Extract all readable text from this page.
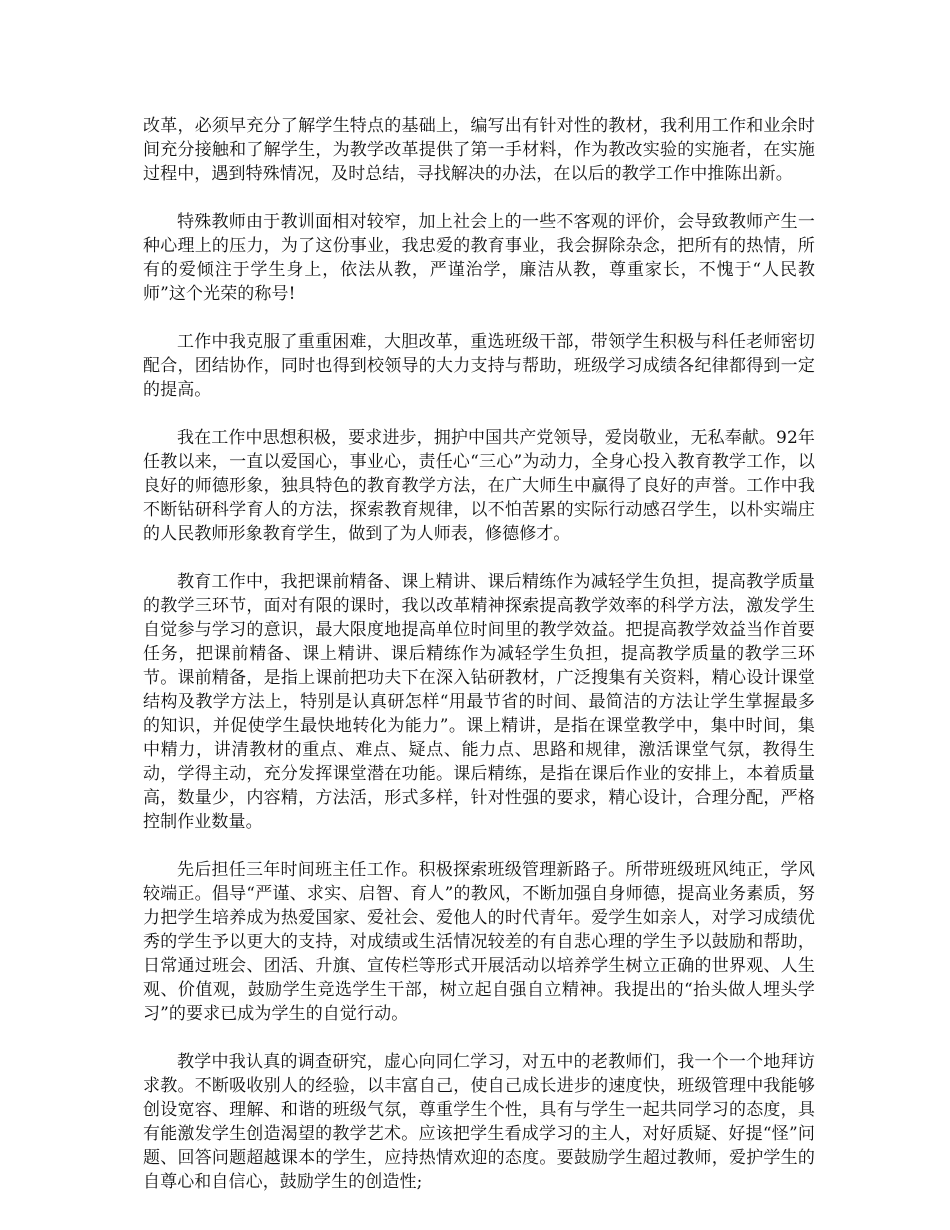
改革，必须早充分了解学生特点的基础上，编写出有针对性的教材，我利用工作和业余时间充分接触和了解学生，为教学改革提供了第一手材料，作为教改实验的实施者，在实施过程中，遇到特殊情况，及时总结，寻找解决的办法，在以后的教学工作中推陈出新。

特殊教师由于教训面相对较窄，加上社会上的一些不客观的评价，会导致教师产生一种心理上的压力，为了这份事业，我忠爱的教育事业，我会摒除杂念，把所有的热情，所有的爱倾注于学生身上，依法从教，严谨治学，廉洁从教，尊重家长，不愧于“人民教师”这个光荣的称号!

工作中我克服了重重困难，大胆改革，重选班级干部，带领学生积极与科任老师密切配合，团结协作，同时也得到校领导的大力支持与帮助，班级学习成绩各纪律都得到一定的提高。

我在工作中思想积极，要求进步，拥护中国共产党领导，爱岗敬业，无私奉献。92年任教以来，一直以爱国心，事业心，责任心“三心”为动力，全身心投入教育教学工作，以良好的师德形象，独具特色的教育教学方法，在广大师生中赢得了良好的声誉。工作中我不断钻研科学育人的方法，探索教育规律，以不怕苦累的实际行动感召学生，以朴实端庄的人民教师形象教育学生，做到了为人师表，修德修才。

教育工作中，我把课前精备、课上精讲、课后精练作为减轻学生负担，提高教学质量的教学三环节，面对有限的课时，我以改革精神探索提高教学效率的科学方法，激发学生自觉参与学习的意识，最大限度地提高单位时间里的教学效益。把提高教学效益当作首要任务，把课前精备、课上精讲、课后精练作为减轻学生负担，提高教学质量的教学三环节。课前精备，是指上课前把功夫下在深入钻研教材，广泛搜集有关资料，精心设计课堂结构及教学方法上，特别是认真研怎样“用最节省的时间、最简洁的方法让学生掌握最多的知识，并促使学生最快地转化为能力”。课上精讲，是指在课堂教学中，集中时间，集中精力，讲清教材的重点、难点、疑点、能力点、思路和规律，激活课堂气氛，教得生动，学得主动，充分发挥课堂潜在功能。课后精练，是指在课后作业的安排上，本着质量高，数量少，内容精，方法活，形式多样，针对性强的要求，精心设计，合理分配，严格控制作业数量。

先后担任三年时间班主任工作。积极探索班级管理新路子。所带班级班风纯正，学风较端正。倡导“严谨、求实、启智、育人”的教风，不断加强自身师德，提高业务素质，努力把学生培养成为热爱国家、爱社会、爱他人的时代青年。爱学生如亲人，对学习成绩优秀的学生予以更大的支持，对成绩或生活情况较差的有自悲心理的学生予以鼓励和帮助，日常通过班会、团活、升旗、宣传栏等形式开展活动以培养学生树立正确的世界观、人生观、价值观，鼓励学生竞选学生干部，树立起自强自立精神。我提出的“抬头做人埋头学习”的要求已成为学生的自觉行动。

教学中我认真的调查研究，虚心向同仁学习，对五中的老教师们，我一个一个地拜访求教。不断吸收别人的经验，以丰富自己，使自己成长进步的速度快，班级管理中我能够创设宽容、理解、和谐的班级气氛，尊重学生个性，具有与学生一起共同学习的态度，具有能激发学生创造渴望的教学艺术。应该把学生看成学习的主人，对好质疑、好提“怪”问题、回答问题超越课本的学生，应持热情欢迎的态度。要鼓励学生超过教师，爱护学生的自尊心和自信心，鼓励学生的创造性;
